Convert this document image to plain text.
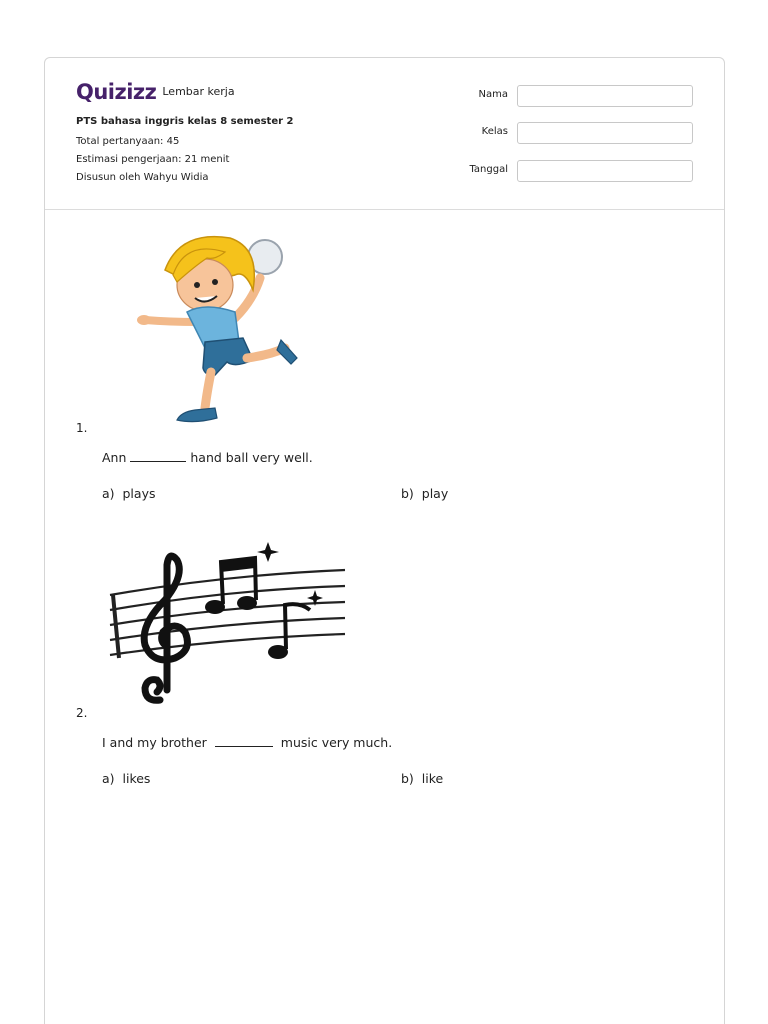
Quizizz Lembar kerja
PTS bahasa inggris kelas 8 semester 2
Total pertanyaan: 45
Estimasi pengerjaan: 21 menit
Disusun oleh Wahyu Widia
Nama
Kelas
Tanggal
1.
Ann	hand ball very well.
a) plays	b) play
2.
I and my brother	music very much.
a) likes	b) like
